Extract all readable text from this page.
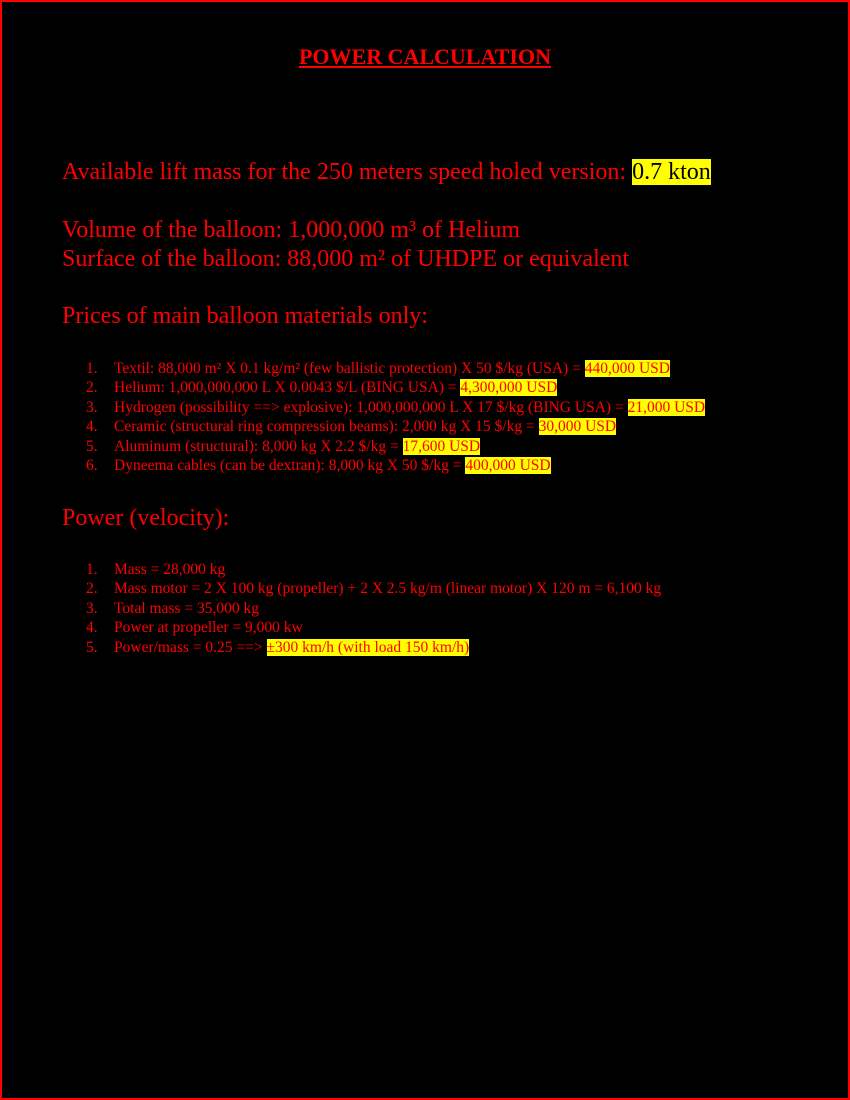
POWER CALCULATION
Available lift mass for the 250 meters speed holed version: 0.7 kton
Volume of the balloon: 1,000,000 m³ of Helium
Surface of the balloon: 88,000 m² of UHDPE or equivalent
Prices of main balloon materials only:
Textil: 88,000 m² X 0.1 kg/m² (few ballistic protection) X 50 $/kg (USA) = 440,000 USD
Helium: 1,000,000,000 L X 0.0043 $/L (BING USA) = 4,300,000 USD
Hydrogen (possibility ==> explosive): 1,000,000,000 L X 17 $/kg (BING USA) = 21,000 USD
Ceramic (structural ring compression beams): 2,000 kg X 15 $/kg = 30,000 USD
Aluminum (structural): 8,000 kg X 2.2 $/kg = 17,600 USD
Dyneema cables (can be dextran): 8,000 kg X 50 $/kg = 400,000 USD
Power (velocity):
Mass = 28,000 kg
Mass motor = 2 X 100 kg (propeller) + 2 X 2.5 kg/m (linear motor) X 120 m = 6,100 kg
Total mass = 35,000 kg
Power at propeller = 9,000 kw
Power/mass = 0.25 ==> ±300 km/h (with load 150 km/h)
